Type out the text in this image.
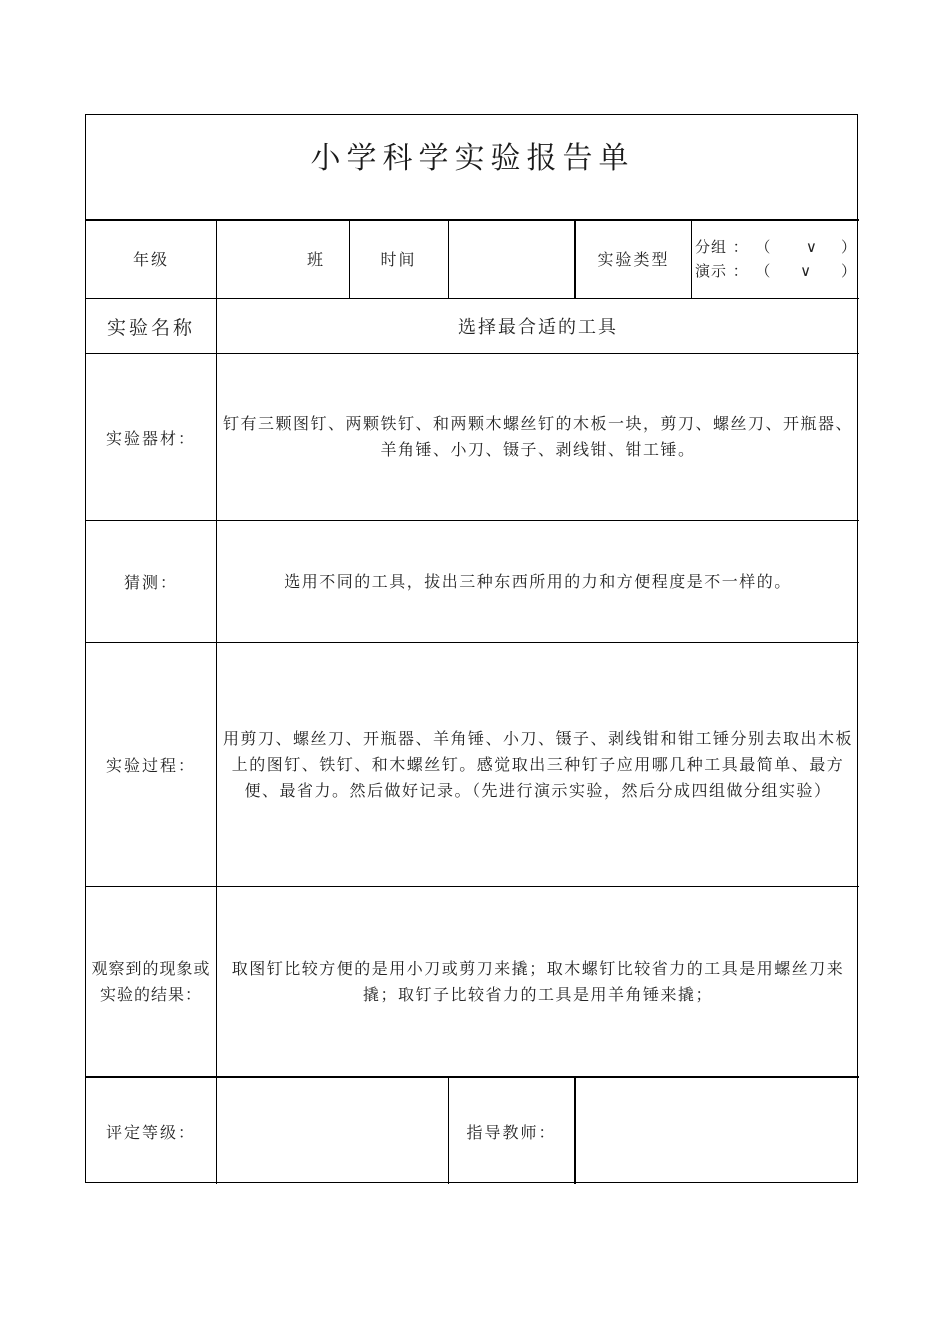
小学科学实验报告单
年级	班	时间	实验类型
分组 ： （      ∨    ）
演示 ： （     ∨     ）
实验名称	选择最合适的工具
实验器材：
钉有三颗图钉、两颗铁钉、和两颗木螺丝钉的木板一块，剪刀、螺丝刀、开瓶器、羊角锤、小刀、镊子、剥线钳、钳工锤。
猜测：	选用不同的工具，拔出三种东西所用的力和方便程度是不一样的。
实验过程：
用剪刀、螺丝刀、开瓶器、羊角锤、小刀、镊子、剥线钳和钳工锤分别去取出木板上的图钉、铁钉、和木螺丝钉。感觉取出三种钉子应用哪几种工具最简单、最方便、最省力。然后做好记录。（先进行演示实验，然后分成四组做分组实验）
观察到的现象或实验的结果：
取图钉比较方便的是用小刀或剪刀来撬；取木螺钉比较省力的工具是用螺丝刀来撬；取钉子比较省力的工具是用羊角锤来撬；
评定等级：	指导教师：
